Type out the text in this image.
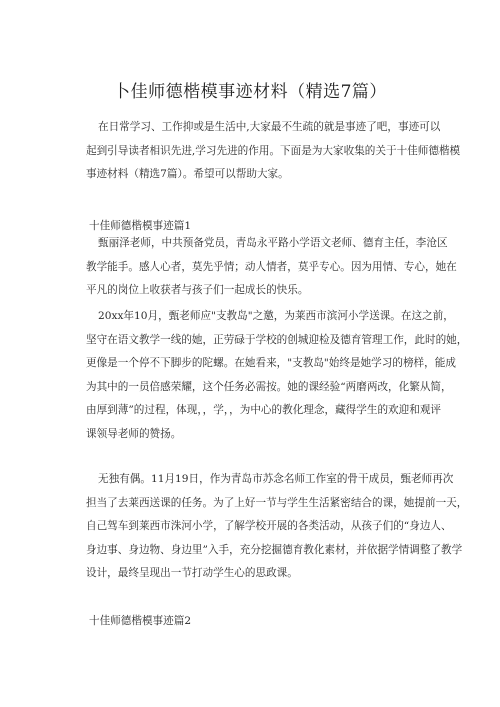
卜佳师德楷模事迹材料（精选7篇）
在日常学习、工作抑或是生活中,大家最不生疏的就是事迹了吧，事迹可以
起到引导读者相识先进,学习先进的作用。下面是为大家收集的关于十佳师德楷模
事迹材料（精选7篇）。希望可以帮助大家。
十佳师德楷模事迹篇1
甄丽泽老师，中共预备党员，青岛永平路小学语文老师、德育主任，李沧区
教学能手。感人心者，莫先乎情；动人情者，莫乎专心。因为用情、专心，她在
平凡的岗位上收获者与孩子们一起成长的快乐。
20xx年10月，甄老师应"支教岛"之邀，为莱西市滨河小学送课。在这之前，
坚守在语文教学一线的她，正劳碌于学校的创城迎检及德育管理工作，此时的她，
更像是一个停不下脚步的陀螺。在她看来，"支教岛"始终是她学习的榜样，能成
为其中的一员倍感荣耀，这个任务必需按。她的课经验“两磨两改，化繁从简，
由厚到薄”的过程，体现，，学，，为中心的教化理念，藏得学生的欢迎和观评
课领导老师的赞扬。
无独有偶。11月19日，作为青岛市苏念名师工作室的骨干成员，甄老师再次
担当了去莱西送课的任务。为了上好一节与学生生活紧密结合的课，她提前一天，
自己驾车到莱西市洙河小学，了解学校开展的各类活动，从孩子们的“身边人、
身边事、身边物、身边里”入手，充分挖掘德育教化素材，并依据学情调整了教学
设计，最终呈现出一节打动学生心的思政课。
十佳师德楷模事迹篇2
